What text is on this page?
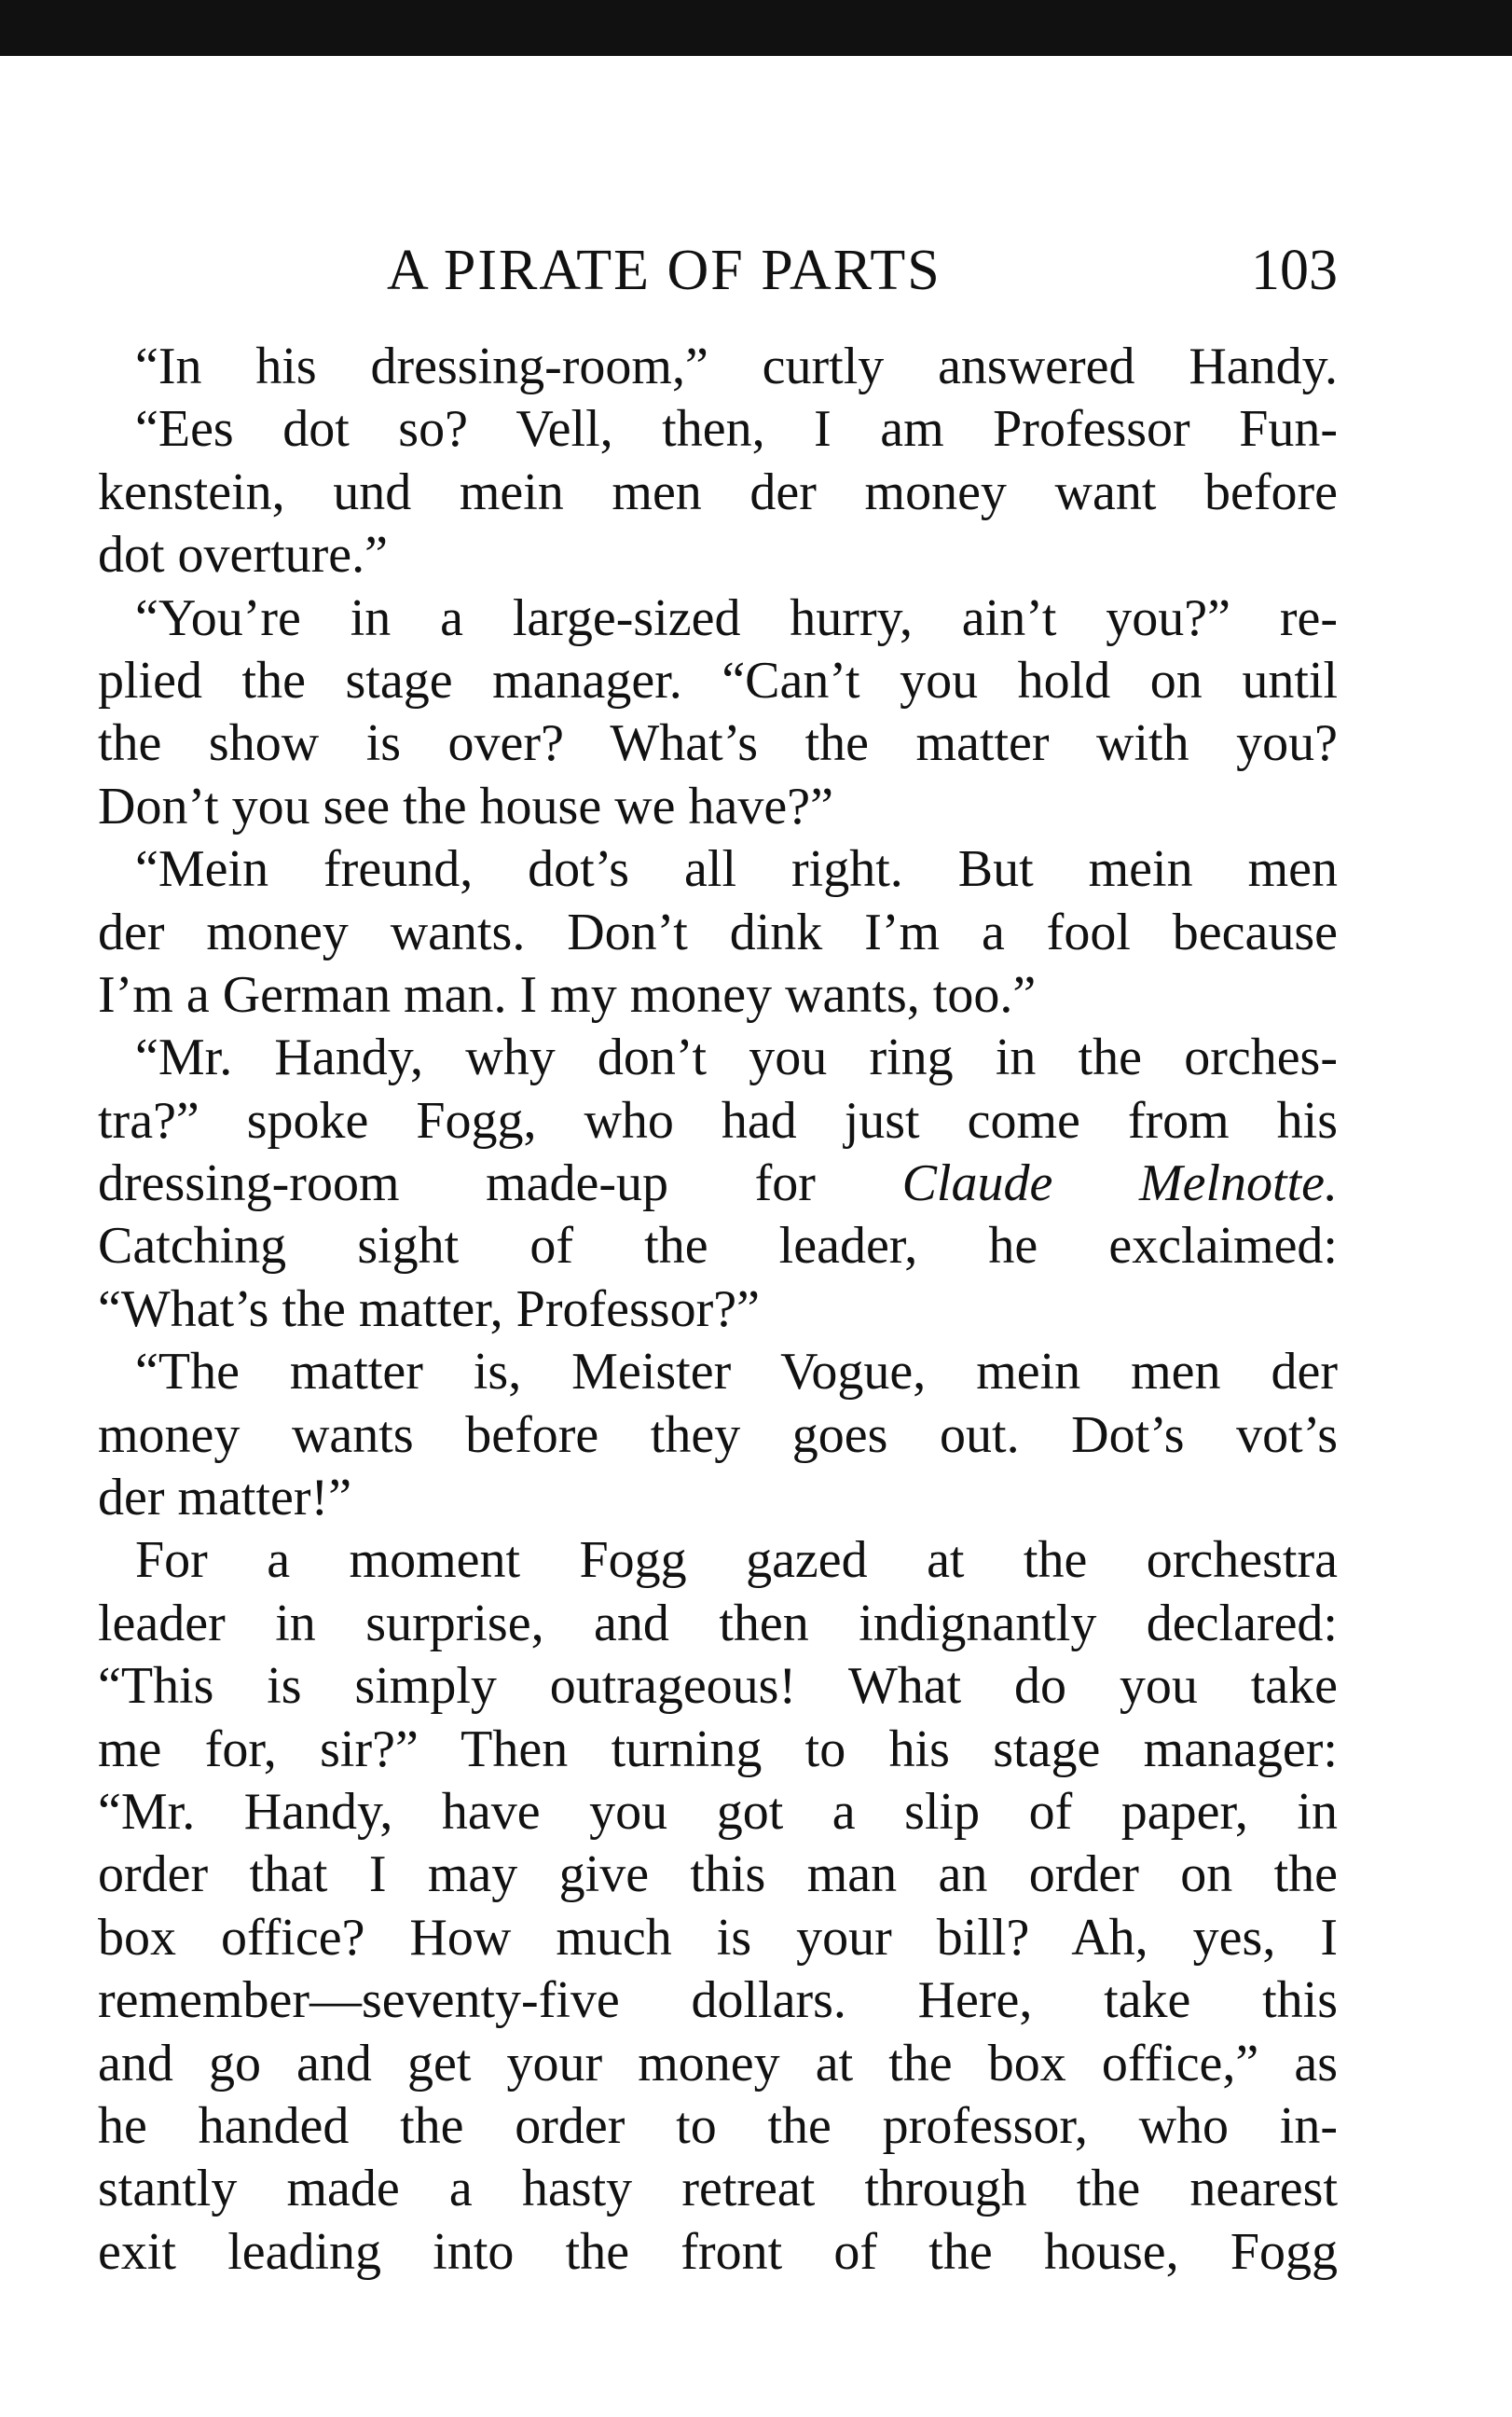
A PIRATE OF PARTS	103
“In his dressing-room,” curtly answered Handy.
“Ees dot so? Vell, then, I am Professor Fun-
kenstein, und mein men der money want before
dot overture.”
“You’re in a large-sized hurry, ain’t you?” re-
plied the stage manager. “Can’t you hold on until
the show is over? What’s the matter with you?
Don’t you see the house we have?”
“Mein freund, dot’s all right. But mein men
der money wants. Don’t dink I’m a fool because
I’m a German man. I my money wants, too.”
“Mr. Handy, why don’t you ring in the orches-
tra?” spoke Fogg, who had just come from his
dressing-room made-up for Claude Melnotte.
Catching sight of the leader, he exclaimed:
“What’s the matter, Professor?”
“The matter is, Meister Vogue, mein men der
money wants before they goes out. Dot’s vot’s
der matter!”
For a moment Fogg gazed at the orchestra
leader in surprise, and then indignantly declared:
“This is simply outrageous! What do you take
me for, sir?” Then turning to his stage manager:
“Mr. Handy, have you got a slip of paper, in
order that I may give this man an order on the
box office? How much is your bill? Ah, yes, I
remember—seventy-five dollars. Here, take this
and go and get your money at the box office,” as
he handed the order to the professor, who in-
stantly made a hasty retreat through the nearest
exit leading into the front of the house, Fogg
